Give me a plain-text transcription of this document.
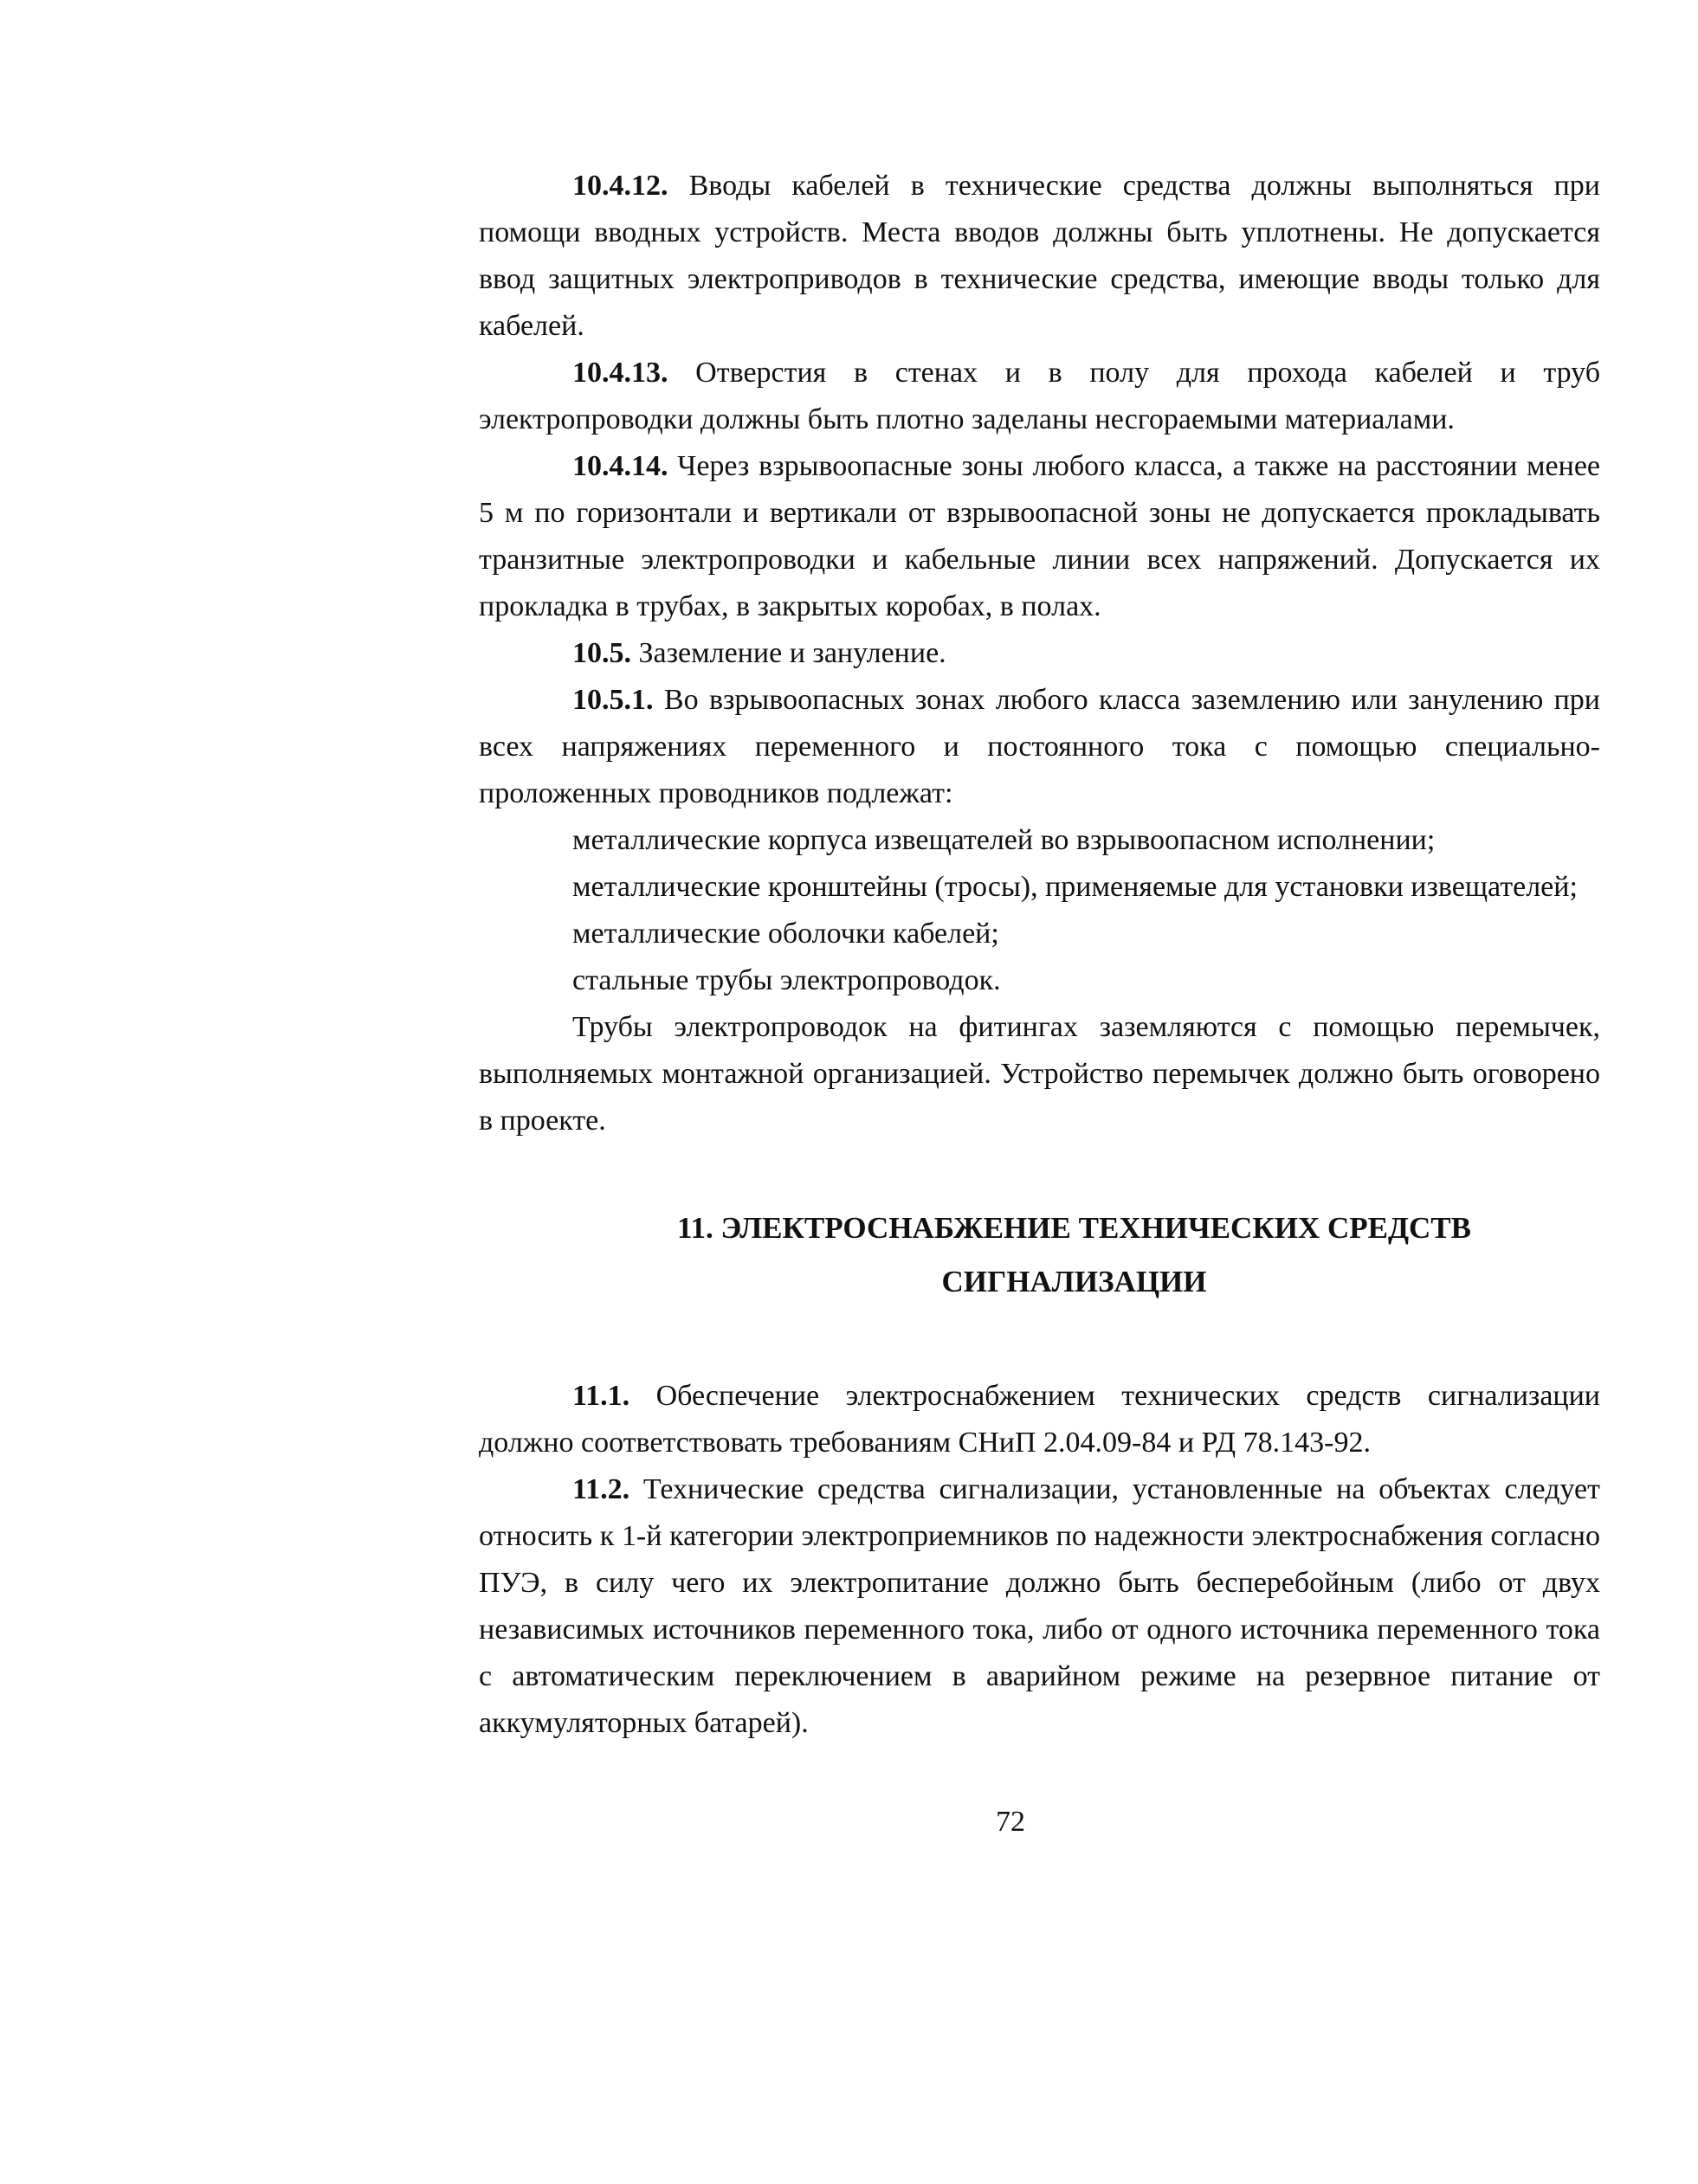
10.4.12. Вводы кабелей в технические средства должны выполняться при помощи вводных устройств. Места вводов должны быть уплотнены. Не допускается ввод защитных электроприводов в технические средства, имеющие вводы только для кабелей.

10.4.13. Отверстия в стенах и в полу для прохода кабелей и труб электропроводки должны быть плотно заделаны несгораемыми материалами.

10.4.14. Через взрывоопасные зоны любого класса, а также на расстоянии менее 5 м по горизонтали и вертикали от взрывоопасной зоны не допускается прокладывать транзитные электропроводки и кабельные линии всех напряжений. Допускается их прокладка в трубах, в закрытых коробах, в полах.

10.5. Заземление и зануление.

10.5.1. Во взрывоопасных зонах любого класса заземлению или занулению при всех напряжениях переменного и постоянного тока с помощью специально-проложенных проводников подлежат:

металлические корпуса извещателей во взрывоопасном исполнении;

металлические кронштейны (тросы), применяемые для установки извещателей;

металлические оболочки кабелей;

стальные трубы электропроводок.

Трубы электропроводок на фитингах заземляются с помощью перемычек, выполняемых монтажной организацией. Устройство перемычек должно быть оговорено в проекте.

11. ЭЛЕКТРОСНАБЖЕНИЕ ТЕХНИЧЕСКИХ СРЕДСТВ
СИГНАЛИЗАЦИИ

11.1. Обеспечение электроснабжением технических средств сигнализации должно соответствовать требованиям СНиП 2.04.09-84 и РД 78.143-92.

11.2. Технические средства сигнализации, установленные на объектах следует относить к 1-й категории электроприемников по надежности электроснабжения согласно ПУЭ, в силу чего их электропитание должно быть бесперебойным (либо от двух независимых источников переменного тока, либо от одного источника переменного тока с автоматическим переключением в аварийном режиме на резервное питание от аккумуляторных батарей).

72
